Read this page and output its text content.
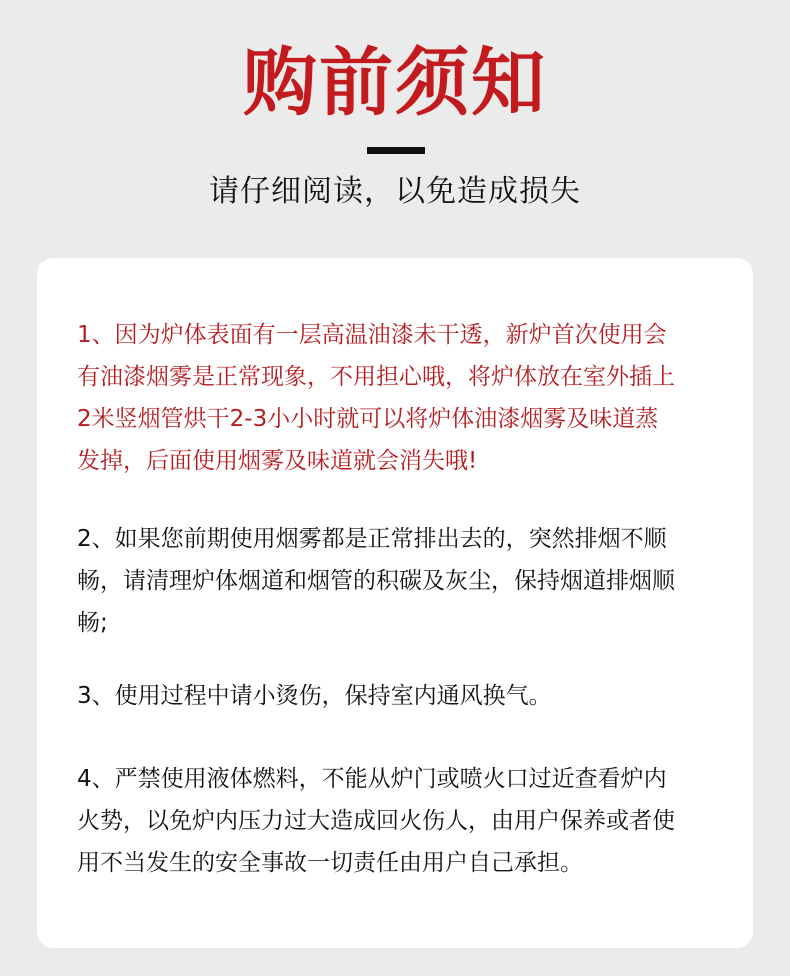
购前须知
请仔细阅读，以免造成损失

1、因为炉体表面有一层高温油漆未干透，新炉首次使用会
有油漆烟雾是正常现象，不用担心哦，将炉体放在室外插上
2米竖烟管烘干2-3小小时就可以将炉体油漆烟雾及味道蒸
发掉，后面使用烟雾及味道就会消失哦!

2、如果您前期使用烟雾都是正常排出去的，突然排烟不顺
畅，请清理炉体烟道和烟管的积碳及灰尘，保持烟道排烟顺
畅;

3、使用过程中请小烫伤，保持室内通风换气。

4、严禁使用液体燃料，不能从炉门或喷火口过近查看炉内
火势，以免炉内压力过大造成回火伤人，由用户保养或者使
用不当发生的安全事故一切责任由用户自己承担。
